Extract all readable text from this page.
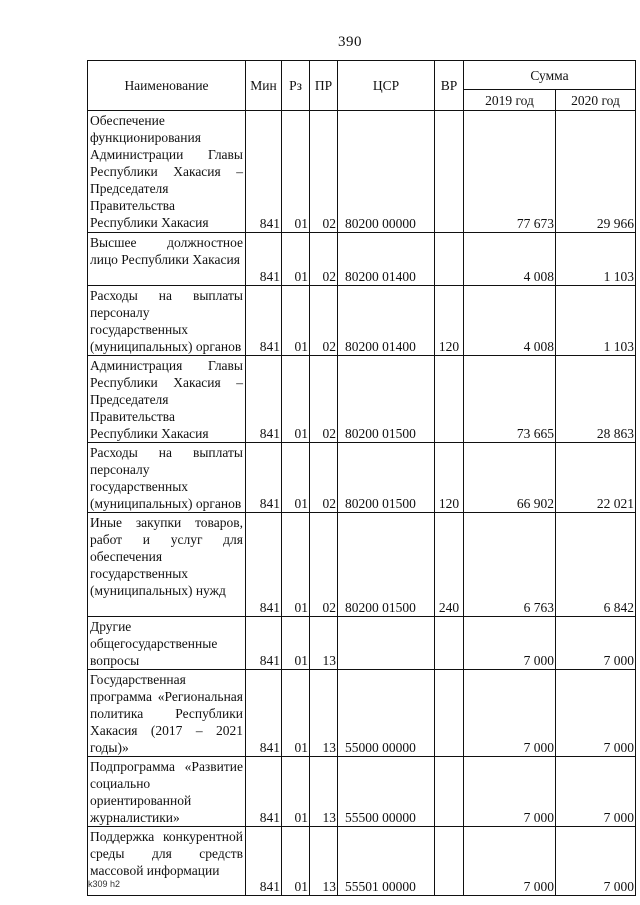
390
Наименование	Мин	Рз	ПР	ЦСР	ВР	Сумма	
						2019 год	2020 год
Обеспечение функционирования Администрации Главы Республики Хакасия – Председателя Правительства Республики Хакасия	841	01	02	80200 00000		77 673	29 966
Высшее должностное лицо Республики Хакасия	841	01	02	80200 01400		4 008	1 103
Расходы на выплаты персоналу государственных (муниципальных) органов	841	01	02	80200 01400	120	4 008	1 103
Администрация Главы Республики Хакасия – Председателя Правительства Республики Хакасия	841	01	02	80200 01500		73 665	28 863
Расходы на выплаты персоналу государственных (муниципальных) органов	841	01	02	80200 01500	120	66 902	22 021
Иные закупки товаров, работ и услуг для обеспечения государственных (муниципальных) нужд	841	01	02	80200 01500	240	6 763	6 842
Другие общегосударственные вопросы	841	01	13			7 000	7 000
Государственная программа «Региональная политика Республики Хакасия (2017 – 2021 годы)»	841	01	13	55000 00000		7 000	7 000
Подпрограмма «Развитие социально ориентированной журналистики»	841	01	13	55500 00000		7 000	7 000
Поддержка конкурентной среды для средств массовой информации	841	01	13	55501 00000		7 000	7 000
k309 h2
